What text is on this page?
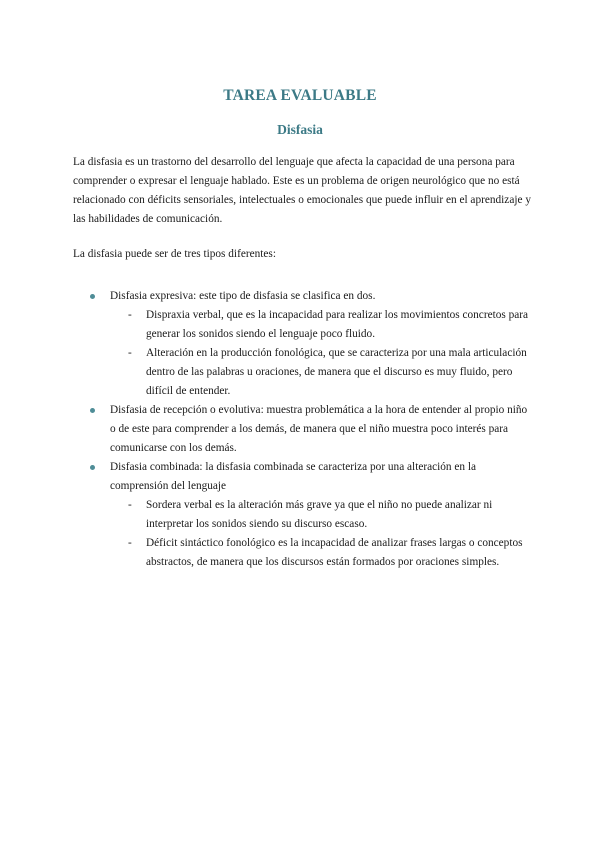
TAREA EVALUABLE
Disfasia

La disfasia es un trastorno del desarrollo del lenguaje que afecta la capacidad de una persona para comprender o expresar el lenguaje hablado. Este es un problema de origen neurológico que no está relacionado con déficits sensoriales, intelectuales o emocionales que puede influir en el aprendizaje y las habilidades de comunicación.

La disfasia puede ser de tres tipos diferentes:

Disfasia expresiva: este tipo de disfasia se clasifica en dos.
- Dispraxia verbal, que es la incapacidad para realizar los movimientos concretos para generar los sonidos siendo el lenguaje poco fluido.
- Alteración en la producción fonológica, que se caracteriza por una mala articulación dentro de las palabras u oraciones, de manera que el discurso es muy fluido, pero difícil de entender.
Disfasia de recepción o evolutiva: muestra problemática a la hora de entender al propio niño o de este para comprender a los demás, de manera que el niño muestra poco interés para comunicarse con los demás.
Disfasia combinada: la disfasia combinada se caracteriza por una alteración en la comprensión del lenguaje
- Sordera verbal es la alteración más grave ya que el niño no puede analizar ni interpretar los sonidos siendo su discurso escaso.
- Déficit sintáctico fonológico es la incapacidad de analizar frases largas o conceptos abstractos, de manera que los discursos están formados por oraciones simples.
